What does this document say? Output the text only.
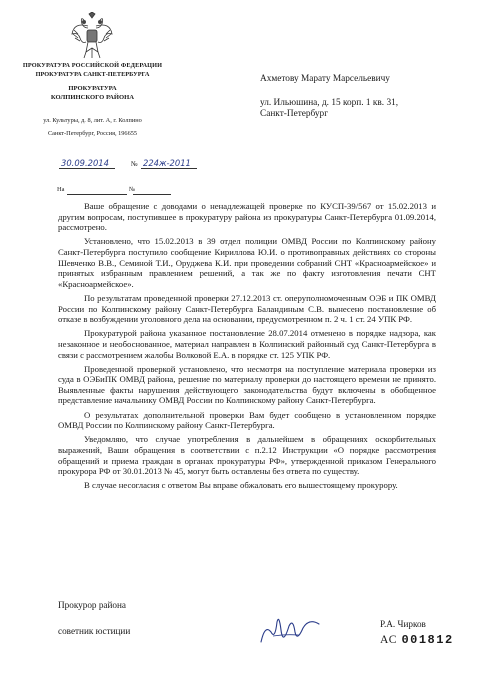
ПРОКУРАТУРА РОССИЙСКОЙ ФЕДЕРАЦИИ
ПРОКУРАТУРА САНКТ-ПЕТЕРБУРГА
ПРОКУРАТУРА
КОЛПИНСКОГО РАЙОНА
ул. Культуры, д. 8, лит. А, г. Колпино
Санкт-Петербург, Россия, 196655
Ахметову Марату Марсельевичу
ул. Ильюшина, д. 15 корп. 1 кв. 31,
Санкт-Петербург
30.09.2014	№ 224ж-2011
На	№

Ваше обращение с доводами о ненадлежащей проверке по КУСП-39/567 от 15.02.2013 и другим вопросам, поступившее в прокуратуру района из прокуратуры Санкт-Петербурга 01.09.2014, рассмотрено.

Установлено, что 15.02.2013 в 39 отдел полиции ОМВД России по Колпинскому району Санкт-Петербурга поступило сообщение Кириллова Ю.И. о противоправных действиях со стороны Шевченко В.В., Семиной Т.И., Оруджева К.И. при проведении собраний СНТ «Красноармейское» и принятых избранным правлением решений, а так же по факту изготовления печати СНТ «Красноармейское».

По результатам проведенной проверки 27.12.2013 ст. оперуполномоченным ОЭБ и ПК ОМВД России по Колпинскому району Санкт-Петербурга Баландиным С.В. вынесено постановление об отказе в возбуждении уголовного дела на основании, предусмотренном п. 2 ч. 1 ст. 24 УПК РФ.

Прокуратурой района указанное постановление 28.07.2014 отменено в порядке надзора, как незаконное и необоснованное, материал направлен в Колпинский районный суд Санкт-Петербурга в связи с рассмотрением жалобы Волковой Е.А. в порядке ст. 125 УПК РФ.

Проведенной проверкой установлено, что несмотря на поступление материала проверки из суда в ОЭБиПК ОМВД района, решение по материалу проверки до настоящего времени не принято. Выявленные факты нарушения действующего законодательства будут включены в обобщенное представление начальнику ОМВД России по Колпинскому району Санкт-Петербурга.

О результатах дополнительной проверки Вам будет сообщено в установленном порядке ОМВД России по Колпинскому району Санкт-Петербурга.

Уведомляю, что случае употребления в дальнейшем в обращениях оскорбительных выражений, Ваши обращения в соответствии с п.2.12 Инструкции «О порядке рассмотрения обращений и приема граждан в органах прокуратуры РФ», утвержденной приказом Генерального прокурора РФ от 30.01.2013 № 45, могут быть оставлены без ответа по существу.

В случае несогласия с ответом Вы вправе обжаловать его вышестоящему прокурору.

Прокурор района
советник юстиции
Р.А. Чирков
АС 001812
